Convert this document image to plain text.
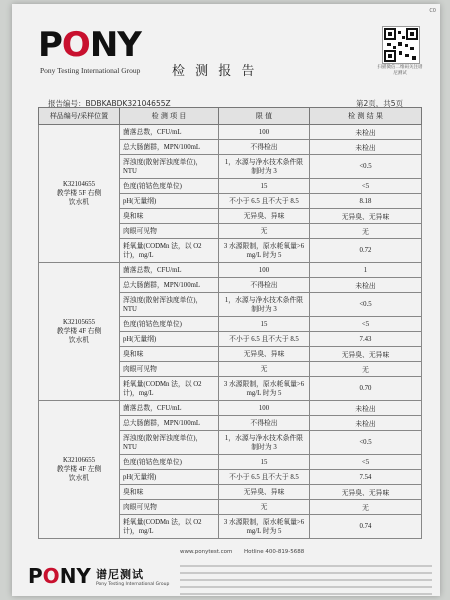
C0
PONY
Pony Testing International Group 检 测 报 告	扫描微信二维码关注谱尼测试
报告编号：BDBKABDK32104655Z	第2页，共5页
样品编号/采样位置	检 测 项 目	限 值	检 测 结 果
K32104655
教学楼 5F 右侧
饮水机	菌落总数，CFU/mL	100	未检出
	总大肠菌群，MPN/100mL	不得检出	未检出
	浑浊度(散射浑浊度单位)，NTU	1，水源与净水技术条件限制时为 3	<0.5
	色度(铂钴色度单位)	15	<5
	pH(无量纲)	不小于 6.5 且不大于 8.5	8.18
	臭和味	无异臭、异味	无异臭、无异味
	肉眼可见物	无	无
	耗氧量(CODMn 法，以 O2 计)，mg/L	3 水源限制，原水耗氧量>6 mg/L 时为 5	0.72
K32105655
教学楼 4F 右侧
饮水机	菌落总数，CFU/mL	100	1
	总大肠菌群，MPN/100mL	不得检出	未检出
	浑浊度(散射浑浊度单位)，NTU	1，水源与净水技术条件限制时为 3	<0.5
	色度(铂钴色度单位)	15	<5
	pH(无量纲)	不小于 6.5 且不大于 8.5	7.43
	臭和味	无异臭、异味	无异臭、无异味
	肉眼可见物	无	无
	耗氧量(CODMn 法，以 O2 计)，mg/L	3 水源限制，原水耗氧量>6 mg/L 时为 5	0.70
K32106655
教学楼 4F 左侧
饮水机	菌落总数，CFU/mL	100	未检出
	总大肠菌群，MPN/100mL	不得检出	未检出
	浑浊度(散射浑浊度单位)，NTU	1，水源与净水技术条件限制时为 3	<0.5
	色度(铂钴色度单位)	15	<5
	pH(无量纲)	不小于 6.5 且不大于 8.5	7.54
	臭和味	无异臭、异味	无异臭、无异味
	肉眼可见物	无	无
	耗氧量(CODMn 法，以 O2 计)，mg/L	3 水源限制，原水耗氧量>6 mg/L 时为 5	0.74
www.ponytest.com Hotline 400-819-5688
PONY 谱尼测试
Pony Testing International Group
